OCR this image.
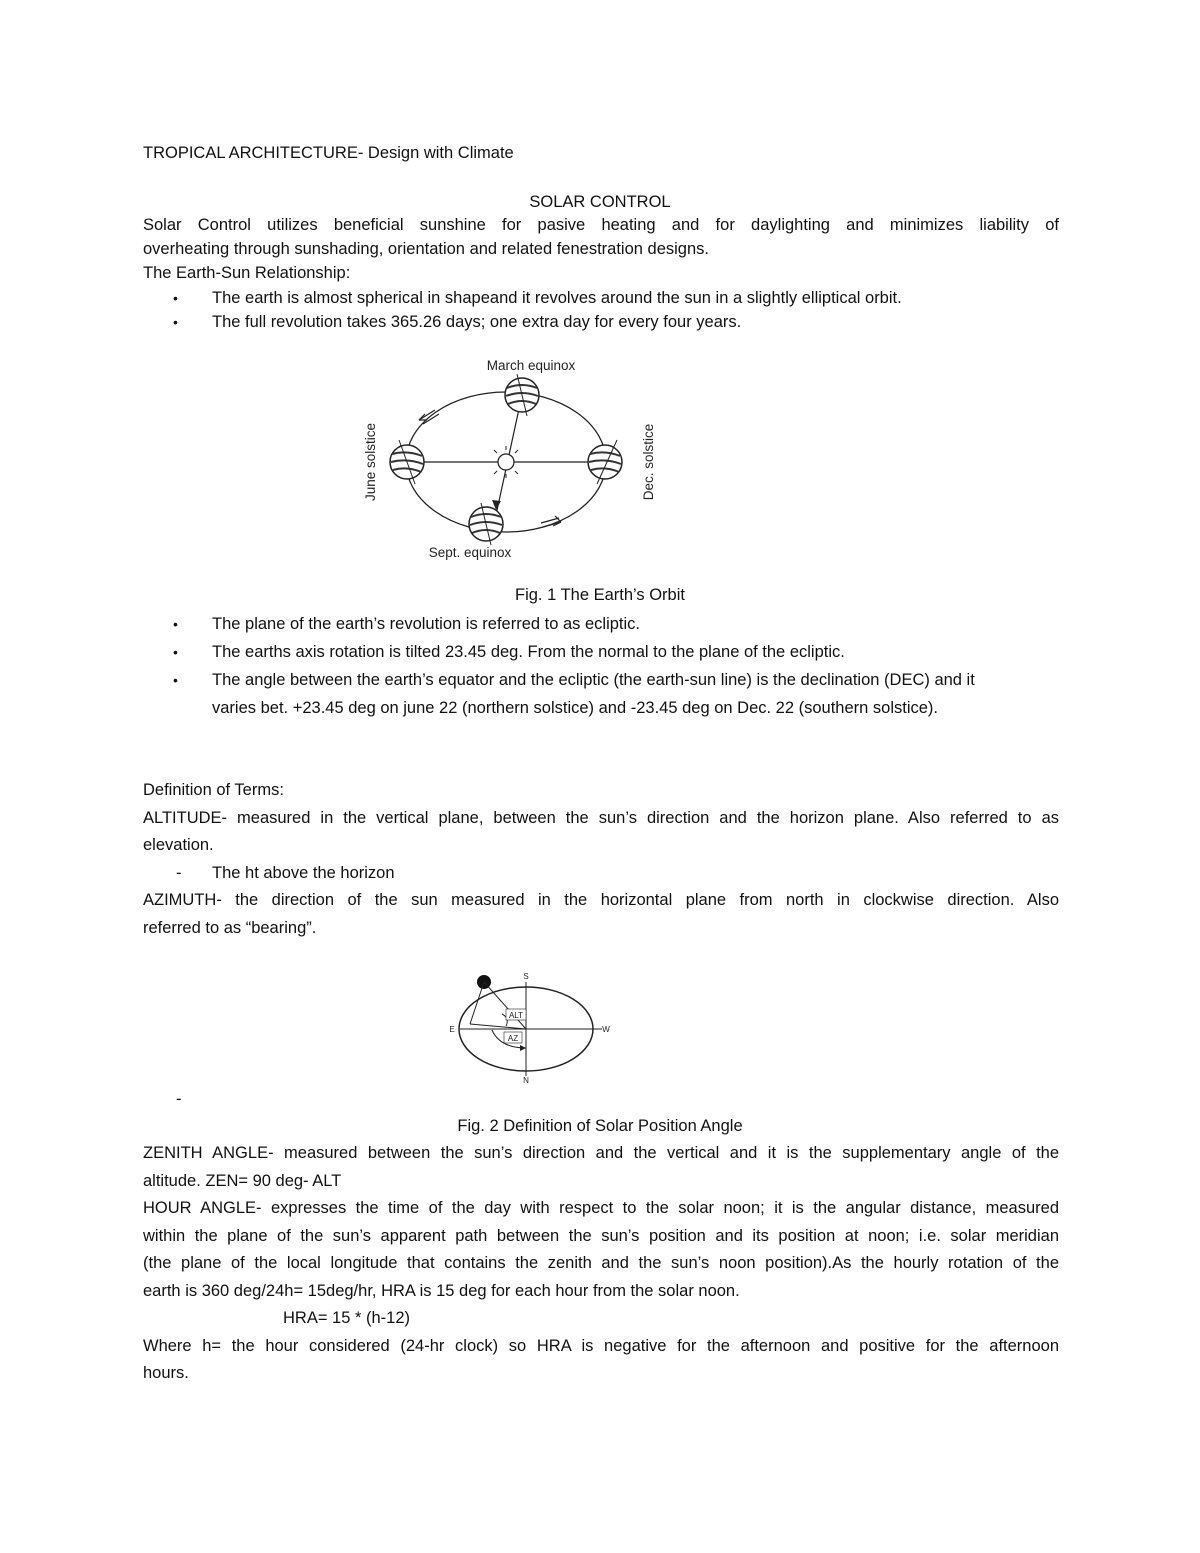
TROPICAL ARCHITECTURE- Design with Climate
SOLAR CONTROL
Solar Control utilizes beneficial sunshine for pasive heating and for daylighting and minimizes liability of
overheating through sunshading, orientation and related fenestration designs.
The Earth-Sun Relationship:
• The earth is almost spherical in shapeand it revolves around the sun in a slightly elliptical orbit.
• The full revolution takes 365.26 days; one extra day for every four years.
March equinox
June solstice	Dec. solstice
Sept. equinox
Fig. 1 The Earth’s Orbit
• The plane of the earth’s revolution is referred to as ecliptic.
• The earths axis rotation is tilted 23.45 deg. From the normal to the plane of the ecliptic.
• The angle between the earth’s equator and the ecliptic (the earth-sun line) is the declination (DEC) and it
varies bet. +23.45 deg on june 22 (northern solstice) and -23.45 deg on Dec. 22 (southern solstice).
Definition of Terms:
ALTITUDE- measured in the vertical plane, between the sun’s direction and the horizon plane. Also referred to as
elevation.
- The ht above the horizon
AZIMUTH- the direction of the sun measured in the horizontal plane from north in clockwise direction. Also
referred to as “bearing”.
ALT
AZ
S
E	W
N
-
Fig. 2 Definition of Solar Position Angle
ZENITH ANGLE- measured between the sun’s direction and the vertical and it is the supplementary angle of the
altitude. ZEN= 90 deg- ALT
HOUR ANGLE- expresses the time of the day with respect to the solar noon; it is the angular distance, measured
within the plane of the sun’s apparent path between the sun’s position and its position at noon; i.e. solar meridian
(the plane of the local longitude that contains the zenith and the sun’s noon position).As the hourly rotation of the
earth is 360 deg/24h= 15deg/hr, HRA is 15 deg for each hour from the solar noon.
HRA= 15 * (h-12)
Where h= the hour considered (24-hr clock) so HRA is negative for the afternoon and positive for the afternoon
hours.
